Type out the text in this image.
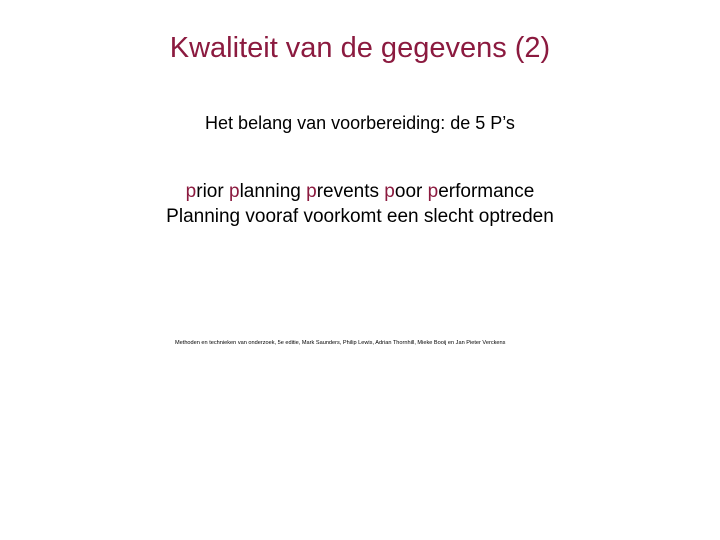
Kwaliteit van de gegevens (2)
Het belang van voorbereiding: de 5 P’s
prior planning prevents poor performance
Planning vooraf voorkomt een slecht optreden
Methoden en technieken van onderzoek, 5e editie, Mark Saunders, Philip Lewis, Adrian Thornhill, Mieke Booij en Jan Pieter Verckens
